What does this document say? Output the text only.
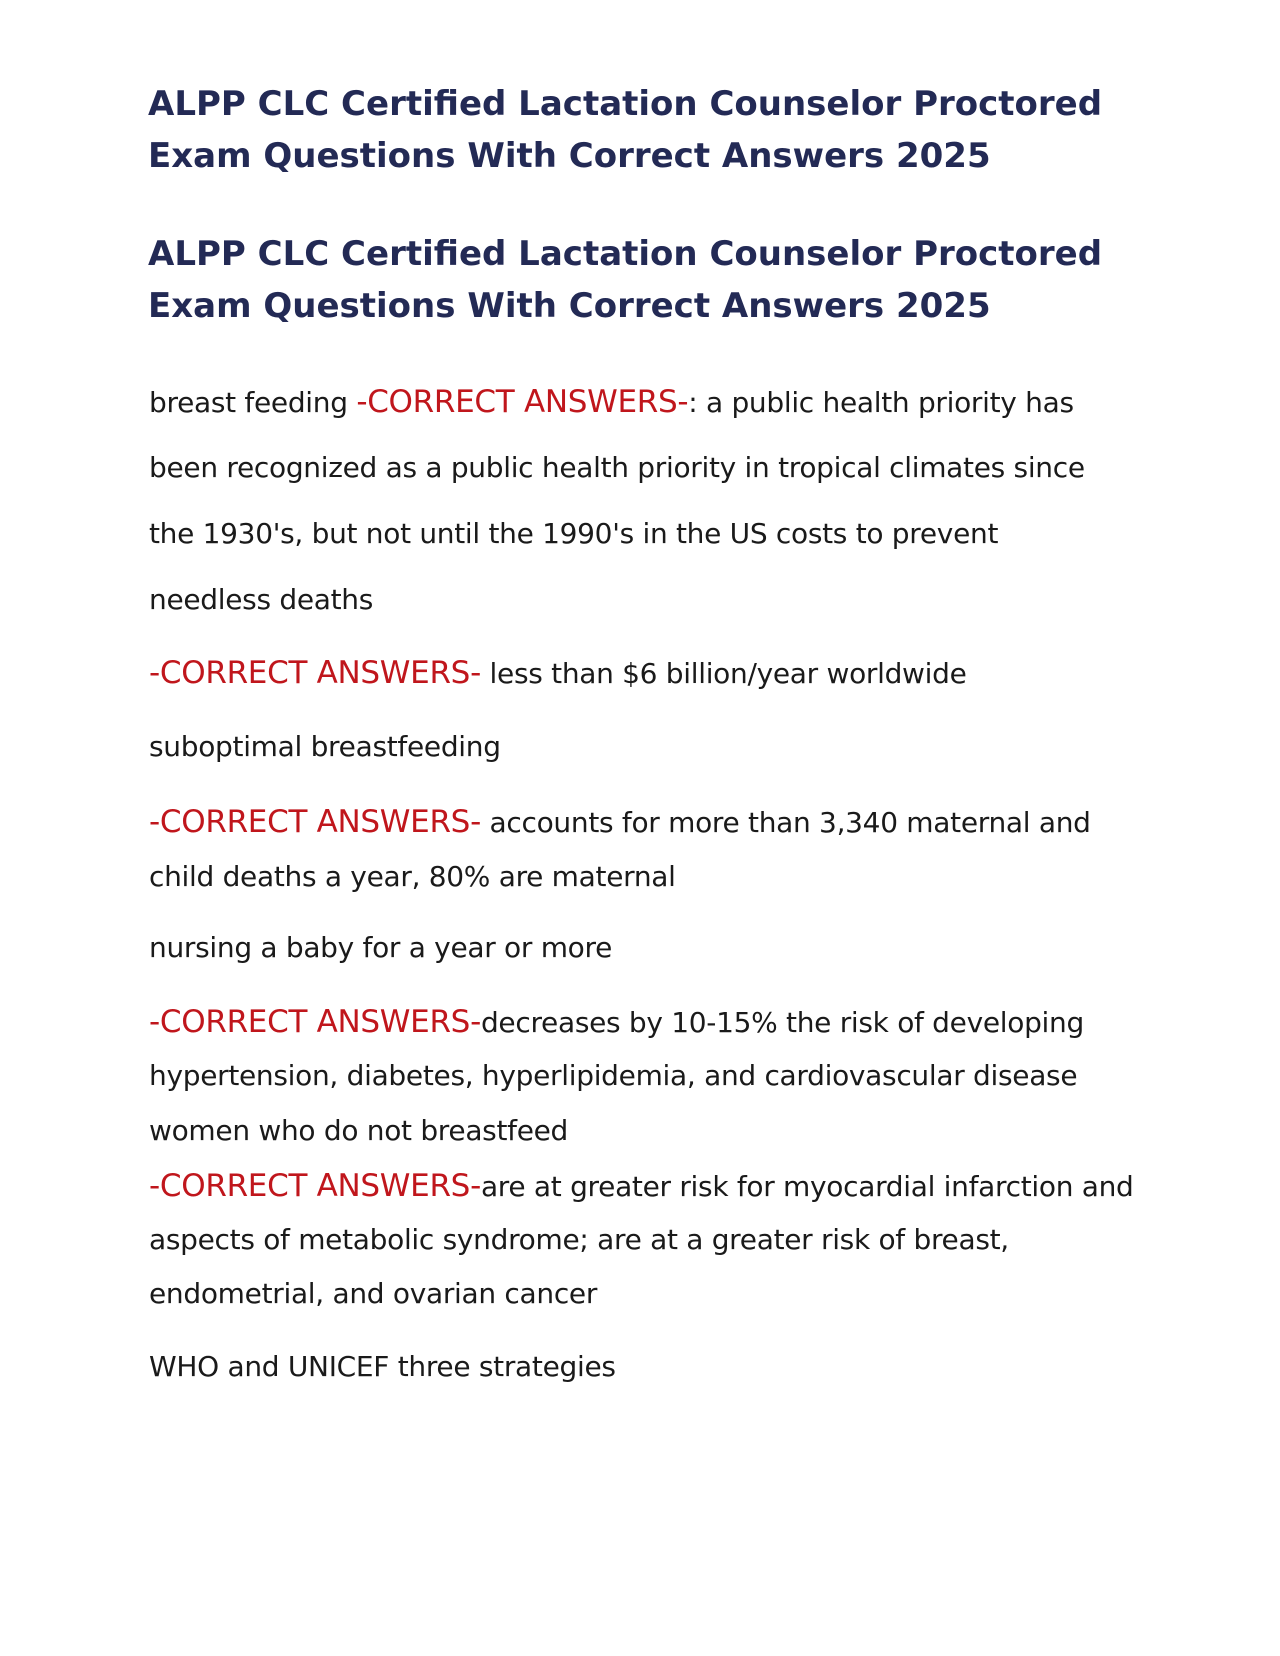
ALPP CLC Certified Lactation Counselor Proctored Exam Questions With Correct Answers 2025
ALPP CLC Certified Lactation Counselor Proctored Exam Questions With Correct Answers 2025

breast feeding -CORRECT ANSWERS-: a public health priority has

been recognized as a public health priority in tropical climates since

the 1930's, but not until the 1990's in the US costs to prevent

needless deaths

-CORRECT ANSWERS- less than $6 billion/year worldwide

suboptimal breastfeeding

-CORRECT ANSWERS- accounts for more than 3,340 maternal and

child deaths a year, 80% are maternal

nursing a baby for a year or more

-CORRECT ANSWERS-decreases by 10-15% the risk of developing

hypertension, diabetes, hyperlipidemia, and cardiovascular disease

women who do not breastfeed

-CORRECT ANSWERS-are at greater risk for myocardial infarction and

aspects of metabolic syndrome; are at a greater risk of breast,

endometrial, and ovarian cancer

WHO and UNICEF three strategies
